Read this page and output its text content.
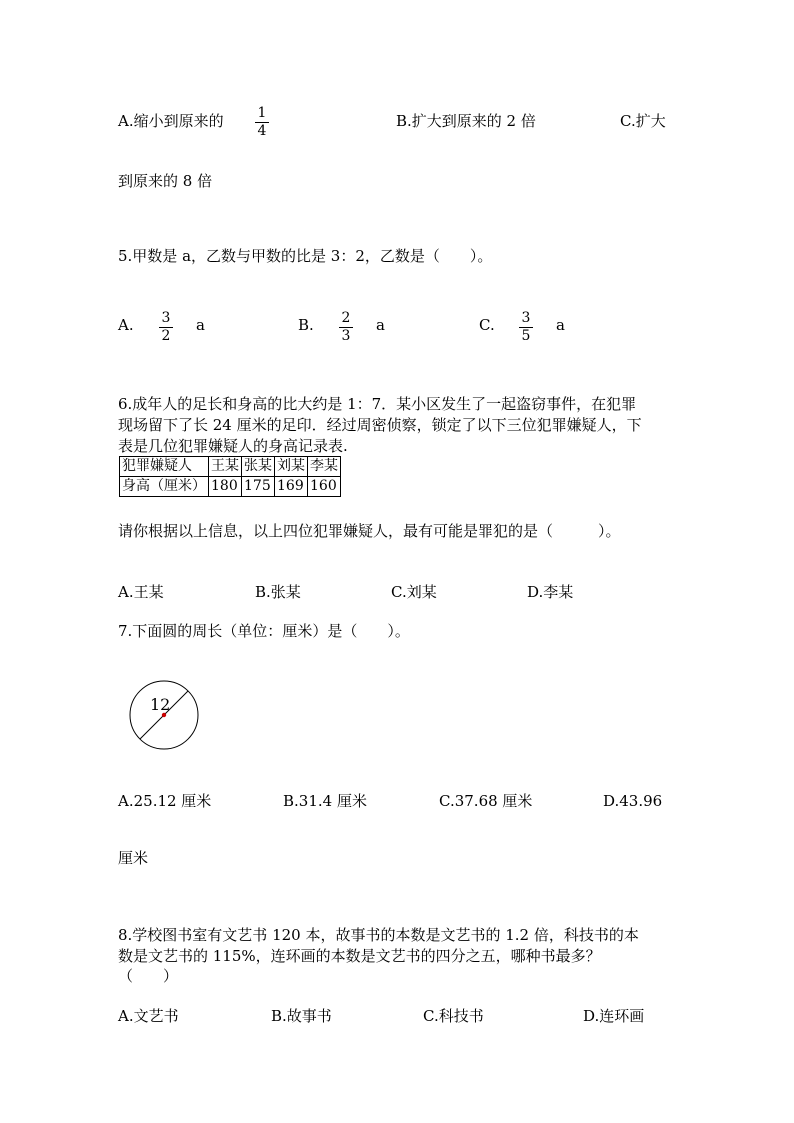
A.缩小到原来的 1
4
B.扩大到原来的 2 倍	C.扩大
到原来的 8 倍
5.甲数是 a，乙数与甲数的比是 3：2，乙数是（　　）。
A. 3
2
a	B. 2
3
a	C. 3
5
a
6.成年人的足长和身高的比大约是 1：7．某小区发生了一起盗窃事件，在犯罪
现场留下了长 24 厘米的足印．经过周密侦察，锁定了以下三位犯罪嫌疑人，下
表是几位犯罪嫌疑人的身高记录表.
犯罪嫌疑人	王某	张某	刘某	李某
身高（厘米）	180	175	169	160
请你根据以上信息，以上四位犯罪嫌疑人，最有可能是罪犯的是（　　　）。
A.王某	B.张某	C.刘某	D.李某
7.下面圆的周长（单位：厘米）是（　　）。
12
A.25.12 厘米	B.31.4 厘米	C.37.68 厘米	D.43.96
厘米
8.学校图书室有文艺书 120 本，故事书的本数是文艺书的 1.2 倍，科技书的本
数是文艺书的 115%，连环画的本数是文艺书的四分之五，哪种书最多？
（　　）
A.文艺书	B.故事书	C.科技书	D.连环画
